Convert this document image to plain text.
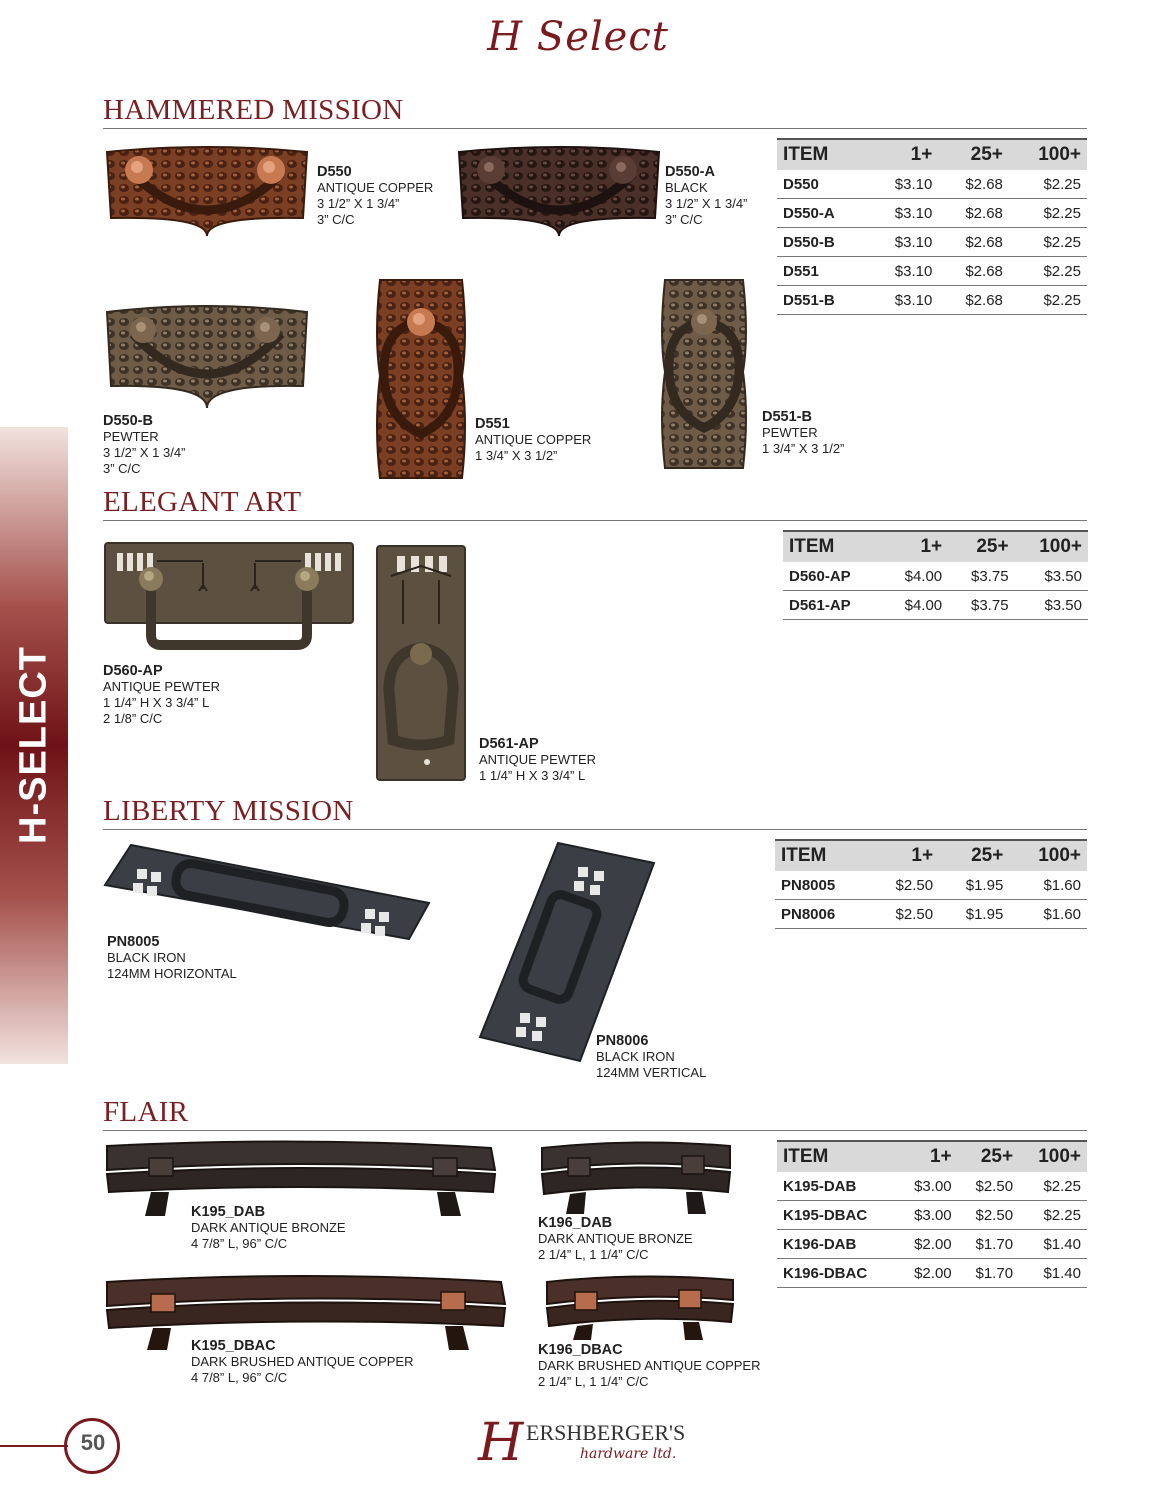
H Select
H-SELECT
HAMMERED MISSION
D550
ANTIQUE COPPER
3 1/2” X 1 3/4”
3” C/C
D550-A
BLACK
3 1/2” X 1 3/4”
3” C/C
D550-B
PEWTER
3 1/2” X 1 3/4”
3” C/C
D551
ANTIQUE COPPER
1 3/4” X 3 1/2”
D551-B
PEWTER
1 3/4” X 3 1/2”
ITEM	1+	25+	100+
D550	$3.10	$2.68	$2.25
D550-A	$3.10	$2.68	$2.25
D550-B	$3.10	$2.68	$2.25
D551	$3.10	$2.68	$2.25
D551-B	$3.10	$2.68	$2.25
ELEGANT ART
D560-AP
ANTIQUE PEWTER
1 1/4” H X 3 3/4” L
2 1/8” C/C
D561-AP
ANTIQUE PEWTER
1 1/4” H X 3 3/4” L
ITEM	1+	25+	100+
D560-AP	$4.00	$3.75	$3.50
D561-AP	$4.00	$3.75	$3.50
LIBERTY MISSION
PN8005
BLACK IRON
124MM HORIZONTAL
PN8006
BLACK IRON
124MM VERTICAL
ITEM	1+	25+	100+
PN8005	$2.50	$1.95	$1.60
PN8006	$2.50	$1.95	$1.60
FLAIR
K195_DAB
DARK ANTIQUE BRONZE
4 7/8” L, 96” C/C
K196_DAB
DARK ANTIQUE BRONZE
2 1/4” L, 1 1/4” C/C
K195_DBAC
DARK BRUSHED ANTIQUE COPPER
4 7/8” L, 96” C/C
K196_DBAC
DARK BRUSHED ANTIQUE COPPER
2 1/4” L, 1 1/4” C/C
ITEM	1+	25+	100+
K195-DAB	$3.00	$2.50	$2.25
K195-DBAC	$3.00	$2.50	$2.25
K196-DAB	$2.00	$1.70	$1.40
K196-DBAC	$2.00	$1.70	$1.40
50	H ERSHBERGER'S
hardware ltd.
